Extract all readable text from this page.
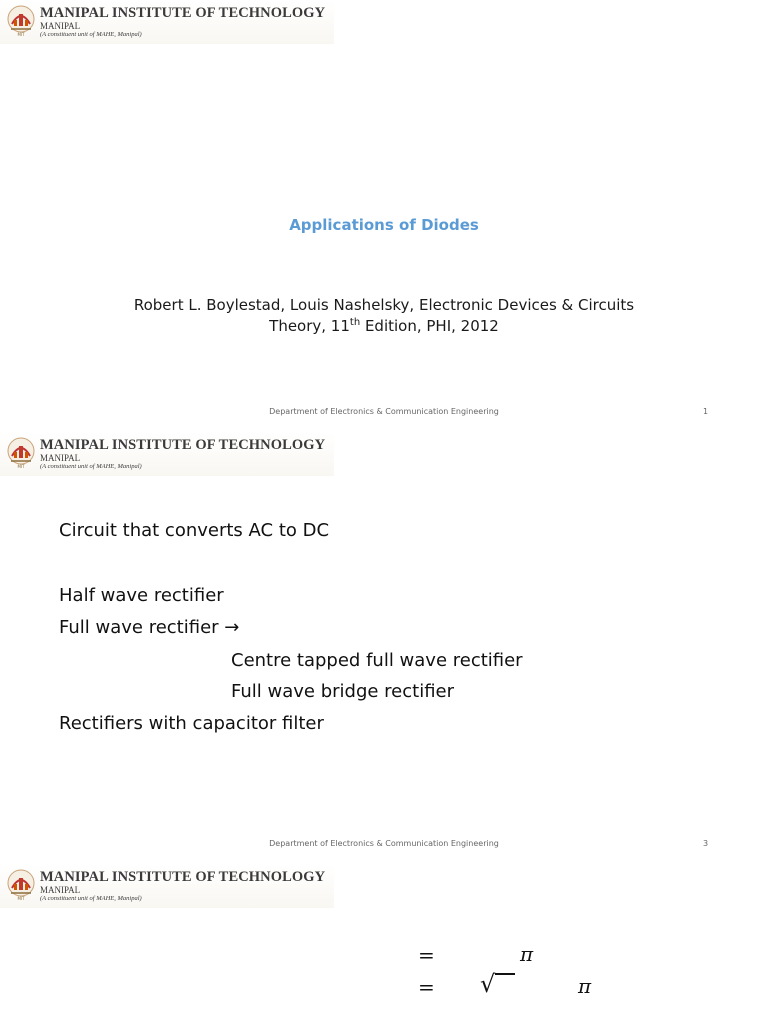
MIT
MANIPAL INSTITUTE OF TECHNOLOGY
MANIPAL
(A constituent unit of MAHE, Manipal)
Applications of Diodes
Robert L. Boylestad, Louis Nashelsky, Electronic Devices & Circuits
Theory, 11th Edition, PHI, 2012
Department of Electronics & Communication Engineering	1
MIT
MANIPAL INSTITUTE OF TECHNOLOGY
MANIPAL
(A constituent unit of MAHE, Manipal)
Circuit that converts AC to DC
Half wave rectifier
Full wave rectifier →
Centre tapped full wave rectifier
Full wave bridge rectifier
Rectifiers with capacitor filter
Department of Electronics & Communication Engineering	3
MIT
MANIPAL INSTITUTE OF TECHNOLOGY
MANIPAL
(A constituent unit of MAHE, Manipal)
=	π
= √	π
